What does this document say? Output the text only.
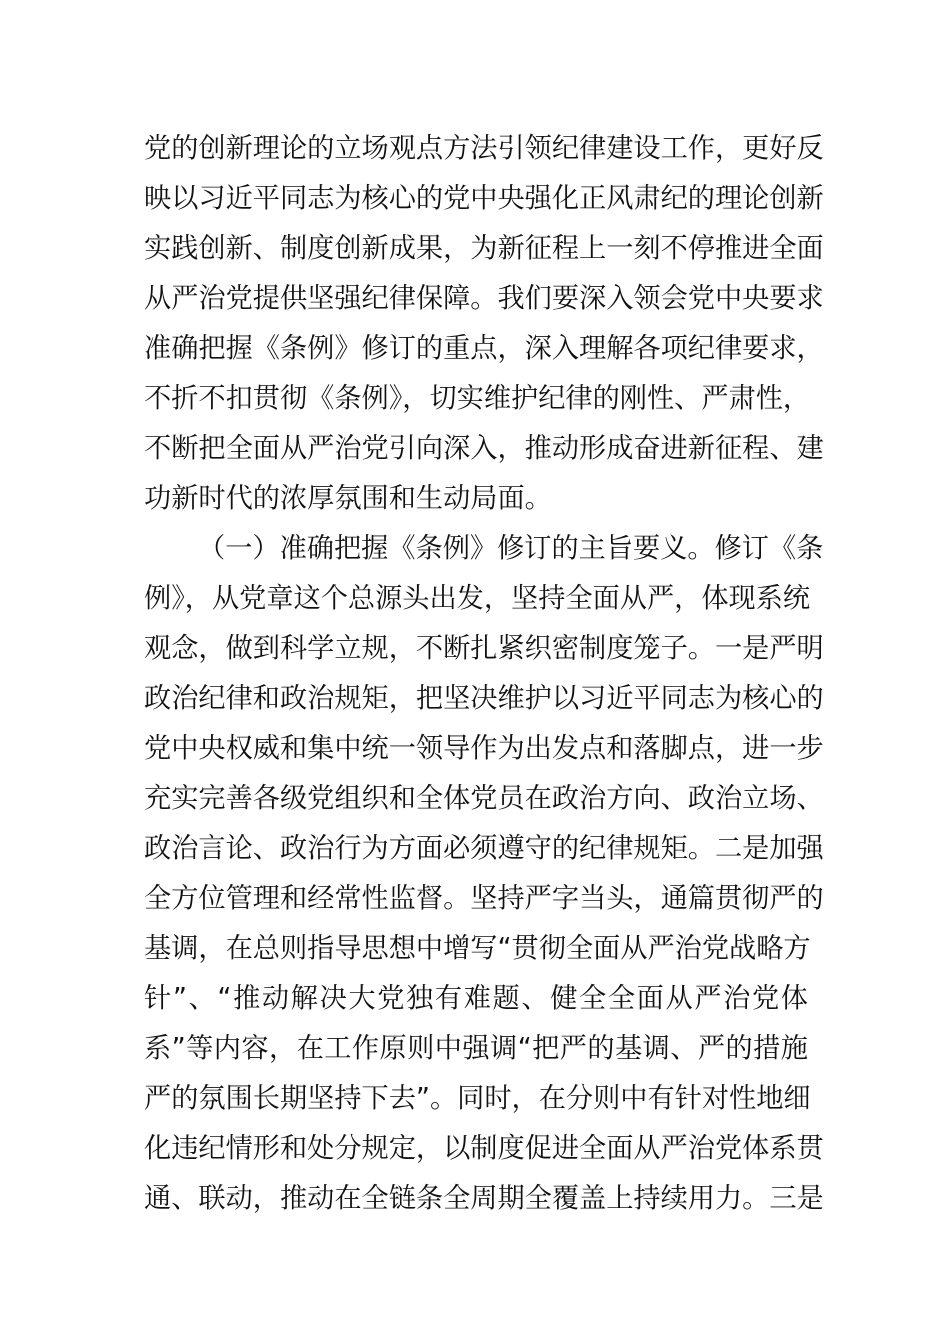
党的创新理论的立场观点方法引领纪律建设工作，更好反
映以习近平同志为核心的党中央强化正风肃纪的理论创新
实践创新、制度创新成果，为新征程上一刻不停推进全面
从严治党提供坚强纪律保障。我们要深入领会党中央要求
准确把握《条例》修订的重点，深入理解各项纪律要求，
不折不扣贯彻《条例》，切实维护纪律的刚性、严肃性，
不断把全面从严治党引向深入，推动形成奋进新征程、建
功新时代的浓厚氛围和生动局面。
（一）准确把握《条例》修订的主旨要义。修订《条
例》，从党章这个总源头出发，坚持全面从严，体现系统
观念，做到科学立规，不断扎紧织密制度笼子。一是严明
政治纪律和政治规矩，把坚决维护以习近平同志为核心的
党中央权威和集中统一领导作为出发点和落脚点，进一步
充实完善各级党组织和全体党员在政治方向、政治立场、
政治言论、政治行为方面必须遵守的纪律规矩。二是加强
全方位管理和经常性监督。坚持严字当头，通篇贯彻严的
基调，在总则指导思想中增写“贯彻全面从严治党战略方
针”、“推动解决大党独有难题、健全全面从严治党体
系”等内容，在工作原则中强调“把严的基调、严的措施
严的氛围长期坚持下去”。同时，在分则中有针对性地细
化违纪情形和处分规定，以制度促进全面从严治党体系贯
通、联动，推动在全链条全周期全覆盖上持续用力。三是
